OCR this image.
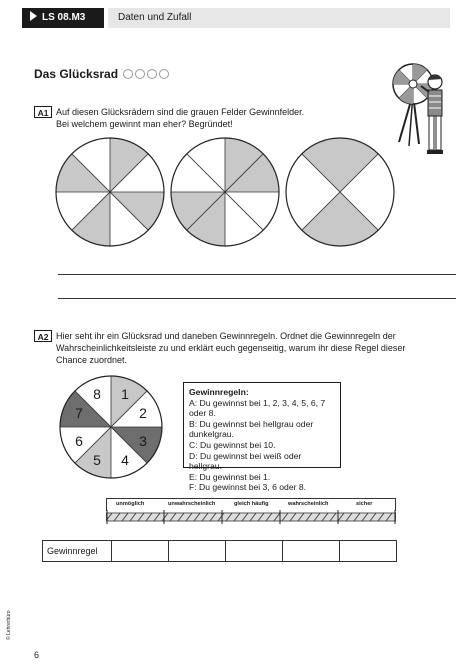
LS 08.M3	Daten und Zufall
Das Glücksrad
A1 Auf diesen Glücksrädern sind die grauen Felder Gewinnfelder.
Bei welchem gewinnt man eher? Begründet!
A2 Hier seht ihr ein Glücksrad und daneben Gewinnregeln. Ordnet die Gewinnregeln der
Wahrscheinlichkeitsleiste zu und erklärt euch gegenseitig, warum ihr diese Regel dieser
Chance zuordnet.
1
2
3
4
5
6
7
8	Gewinnregeln:
A: Du gewinnst bei 1, 2, 3, 4, 5, 6, 7 oder 8.
B: Du gewinnst bei hellgrau oder dunkelgrau.
C: Du gewinnst bei 10.
D: Du gewinnst bei weiß oder hellgrau.
E: Du gewinnst bei 1.
F: Du gewinnst bei 3, 6 oder 8.
unmöglich	unwahrscheinlich	gleich häufig	wahrscheinlich	sicher
Gewinnregel					
© Lehrerbüro
6
